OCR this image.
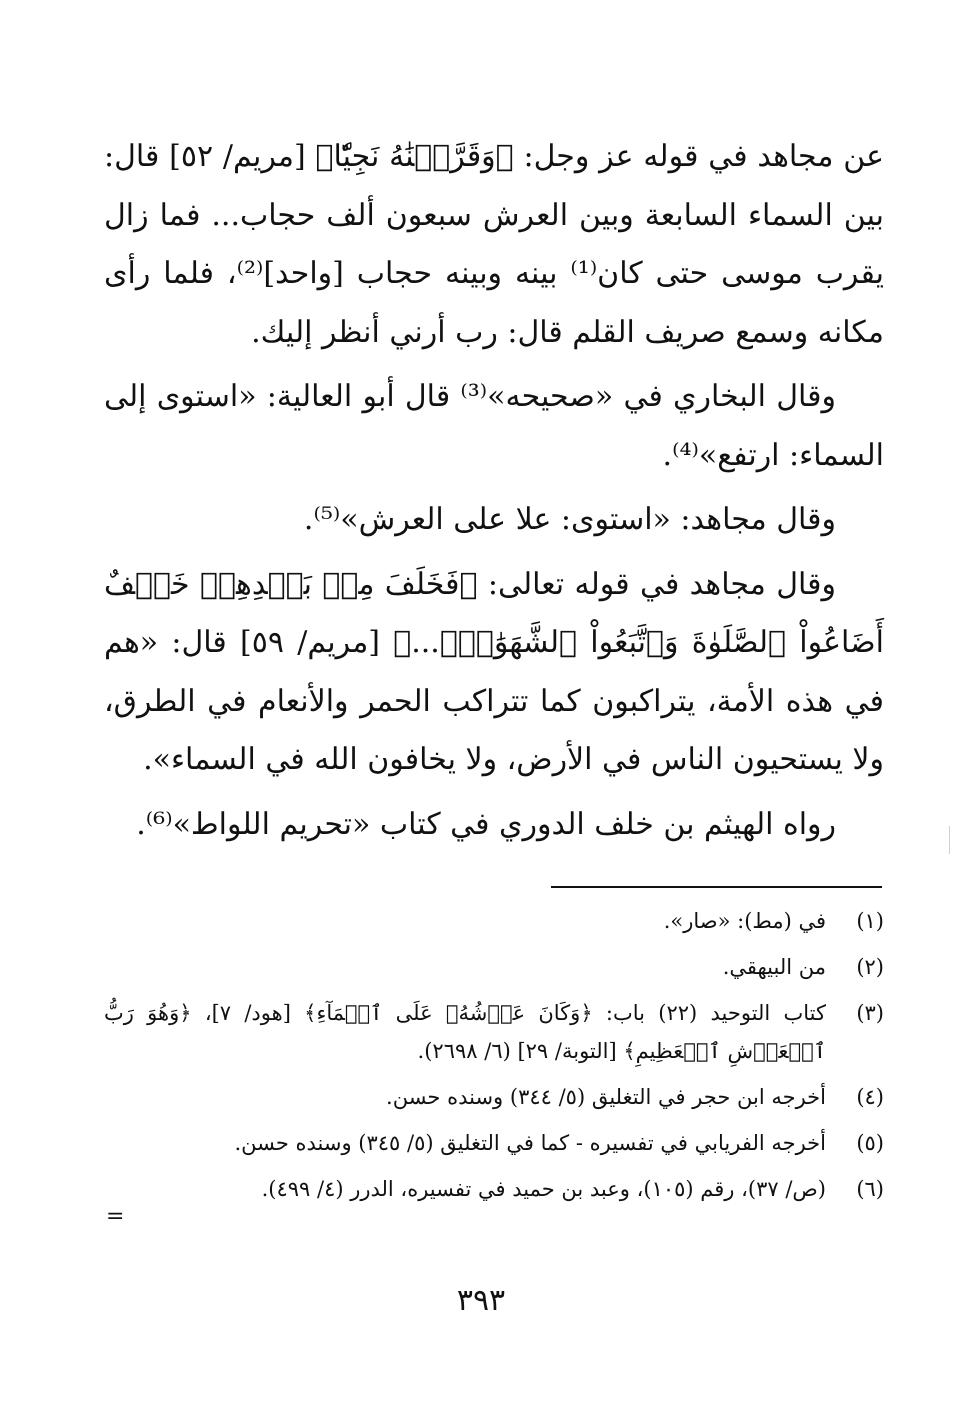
عن مجاهد في قوله عز وجل: ﴿وَقَرَّبۡنَٰهُ نَجِيّٗا﴾ [مريم/ ٥٢] قال: بين السماء السابعة وبين العرش سبعون ألف حجاب... فما زال يقرب موسى حتى كان⁽¹⁾ بينه وبينه حجاب [واحد]⁽²⁾، فلما رأى مكانه وسمع صريف القلم قال: رب أرني أنظر إليك.

وقال البخاري في «صحيحه»⁽³⁾ قال أبو العالية: «استوى إلى السماء: ارتفع»⁽⁴⁾.

وقال مجاهد: «استوى: علا على العرش»⁽⁵⁾.

وقال مجاهد في قوله تعالى: ﴿فَخَلَفَ مِنۢ بَعۡدِهِمۡ خَلۡفٌ أَضَاعُواْ ٱلصَّلَوٰةَ وَٱتَّبَعُواْ ٱلشَّهَوَٰتِۖ...﴾ [مريم/ ٥٩] قال: «هم في هذه الأمة، يتراكبون كما تتراكب الحمر والأنعام في الطرق، ولا يستحيون الناس في الأرض، ولا يخافون الله في السماء».

رواه الهيثم بن خلف الدوري في كتاب «تحريم اللواط»⁽⁶⁾.

(١)
في (مط): «صار».
(٢)
من البيهقي.
(٣)
كتاب التوحيد (٢٢) باب: ﴿وَكَانَ عَرۡشُهُۥ عَلَى ٱلۡمَآءِ﴾ [هود/ ٧]، ﴿وَهُوَ رَبُّ ٱلۡعَرۡشِ ٱلۡعَظِيمِ﴾ [التوبة/ ٢٩] (٦/ ٢٦٩٨).
(٤)
أخرجه ابن حجر في التغليق (٥/ ٣٤٤) وسنده حسن.
(٥)
أخرجه الفريابي في تفسيره - كما في التغليق (٥/ ٣٤٥) وسنده حسن.
(٦)
(ص/ ٣٧)، رقم (١٠٥)، وعبد بن حميد في تفسيره، الدرر (٤/ ٤٩٩).
=
٣٩٣
